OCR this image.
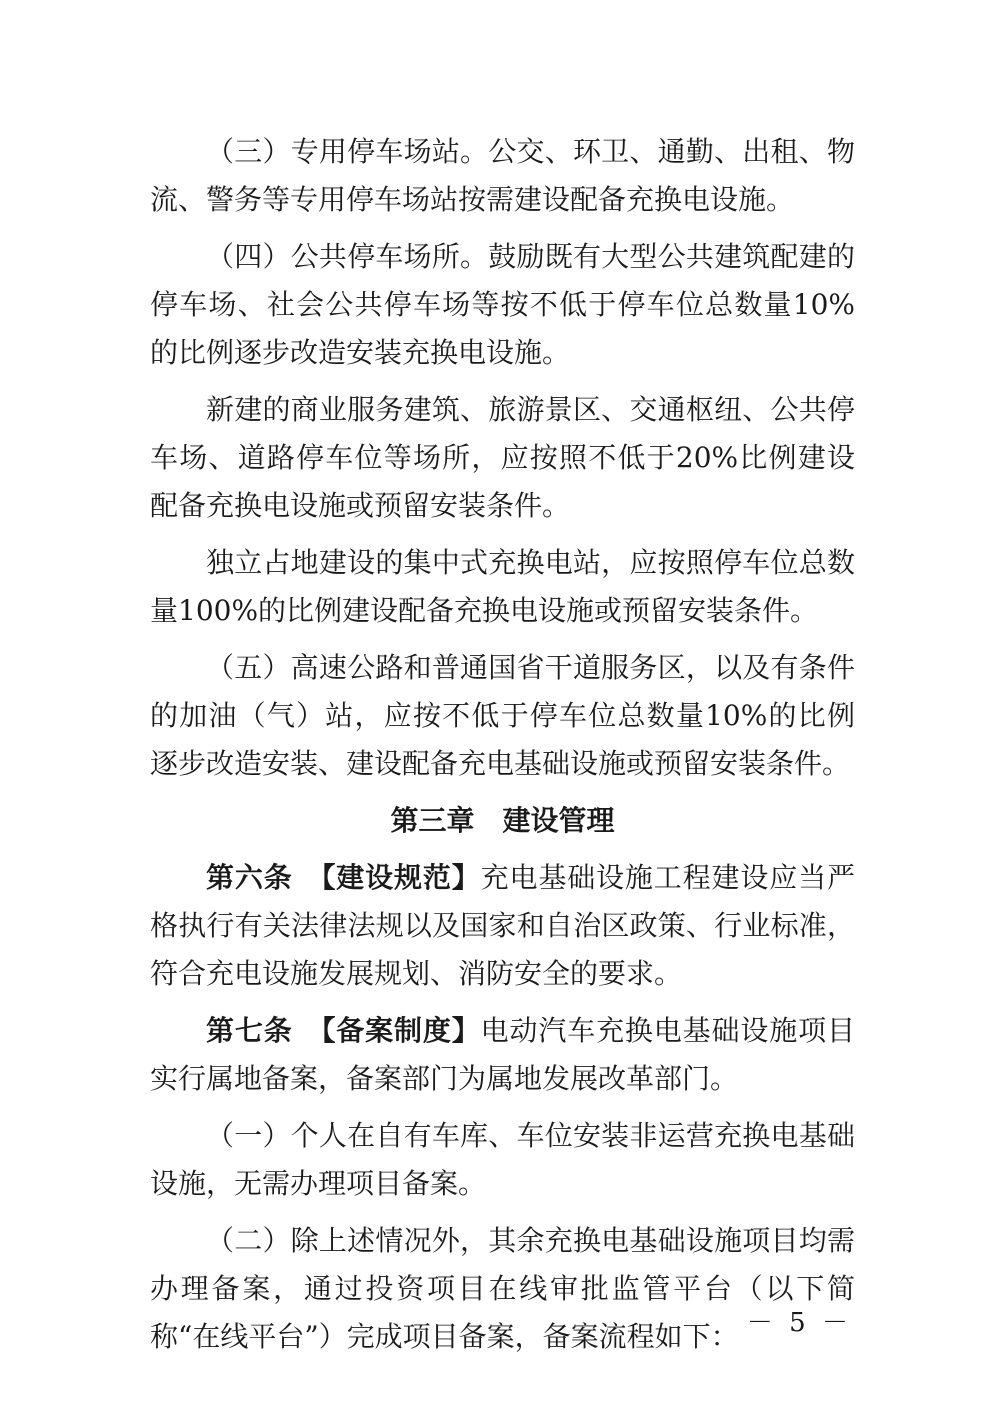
（三）专用停车场站。公交、环卫、通勤、出租、物流、警务等专用停车场站按需建设配备充换电设施。

（四）公共停车场所。鼓励既有大型公共建筑配建的停车场、社会公共停车场等按不低于停车位总数量10%的比例逐步改造安装充换电设施。

新建的商业服务建筑、旅游景区、交通枢纽、公共停车场、道路停车位等场所，应按照不低于20%比例建设配备充换电设施或预留安装条件。

独立占地建设的集中式充换电站，应按照停车位总数量100%的比例建设配备充换电设施或预留安装条件。

（五）高速公路和普通国省干道服务区，以及有条件的加油（气）站，应按不低于停车位总数量10%的比例逐步改造安装、建设配备充电基础设施或预留安装条件。

第三章 建设管理

第六条　【建设规范】充电基础设施工程建设应当严格执行有关法律法规以及国家和自治区政策、行业标准，符合充电设施发展规划、消防安全的要求。

第七条　【备案制度】电动汽车充换电基础设施项目实行属地备案，备案部门为属地发展改革部门。

（一）个人在自有车库、车位安装非运营充换电基础设施，无需办理项目备案。

（二）除上述情况外，其余充换电基础设施项目均需办理备案，通过投资项目在线审批监管平台（以下简称“在线平台”）完成项目备案，备案流程如下： － 5 －
